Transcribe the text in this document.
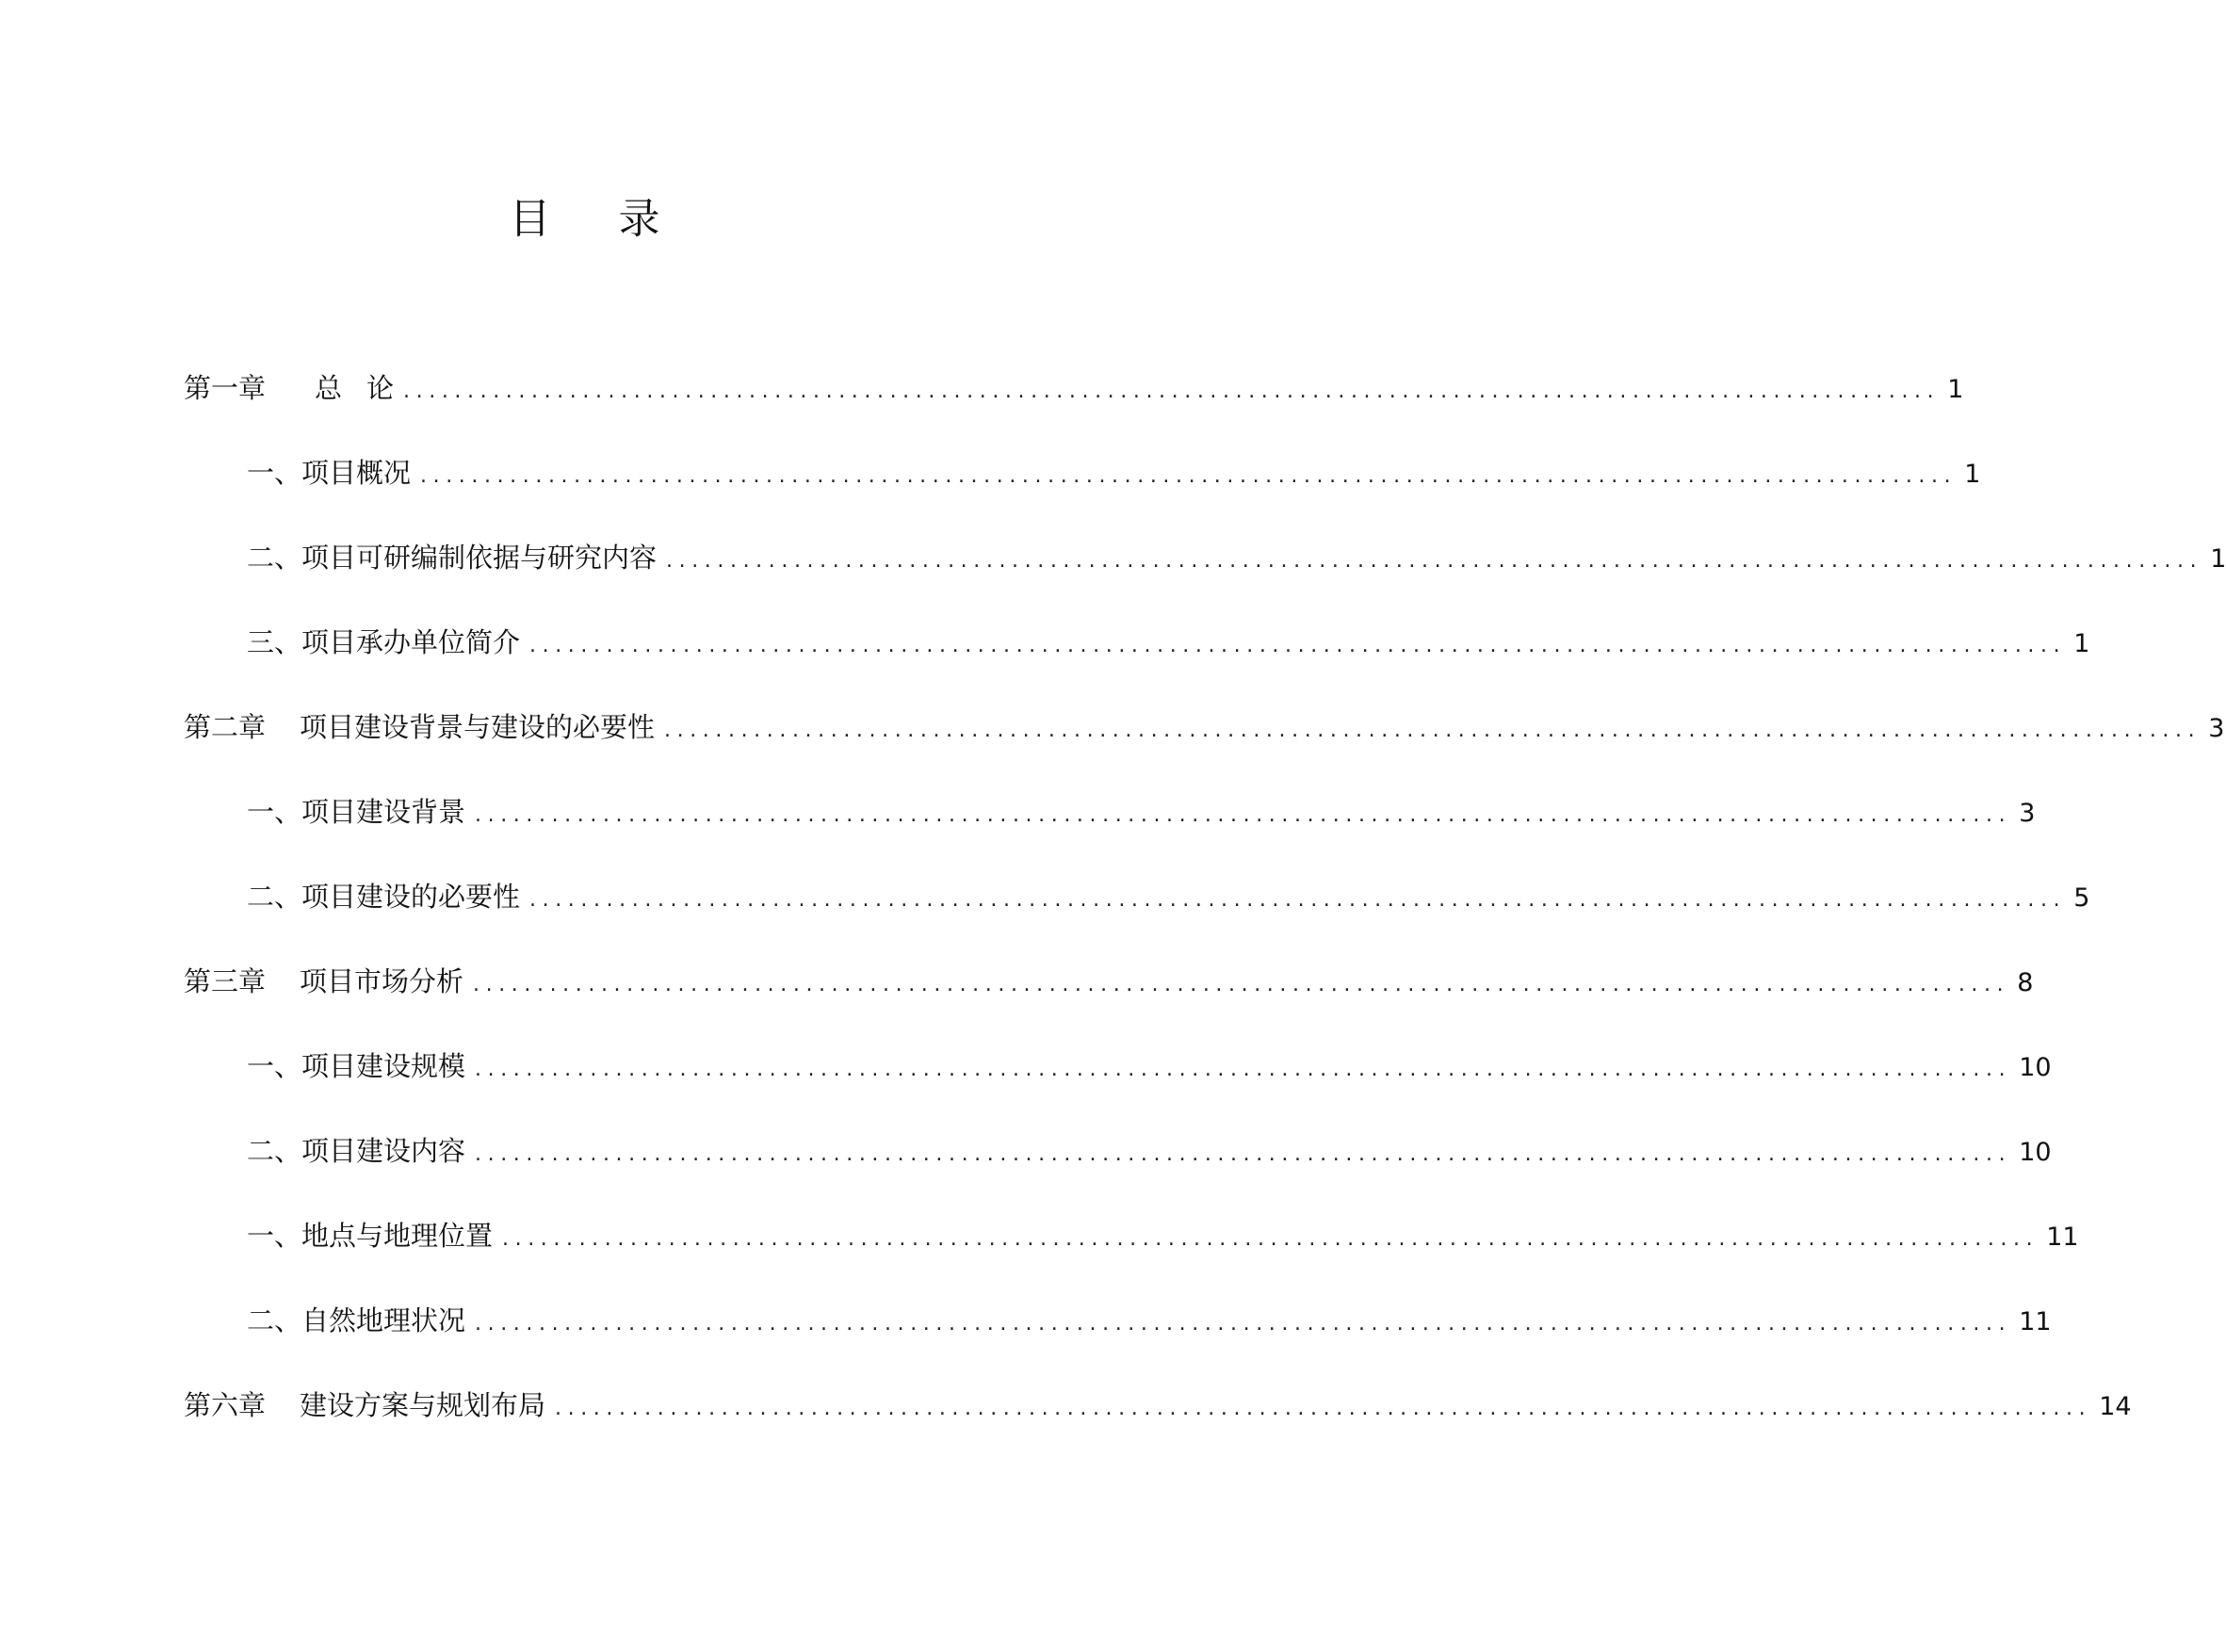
目 录
第一章 总 论 ........................................................................................................................ 1
一、 项目概况 ........................................................................................................................ 1
二、 项目可研编制依据与研究内容 ........................................................................................................................ 1
三、 项目承办单位简介 ........................................................................................................................ 1
第二章 项目建设背景与建设的必要性 ........................................................................................................................ 3
一、 项目建设背景 ........................................................................................................................ 3
二、 项目建设的必要性 ........................................................................................................................ 5
第三章 项目市场分析 ........................................................................................................................ 8
一、 项目建设规模 ........................................................................................................................ 10
二、 项目建设内容 ........................................................................................................................ 10
一、 地点与地理位置 ........................................................................................................................ 11
二、 自然地理状况 ........................................................................................................................ 11
第六章 建设方案与规划布局 ........................................................................................................................ 14
